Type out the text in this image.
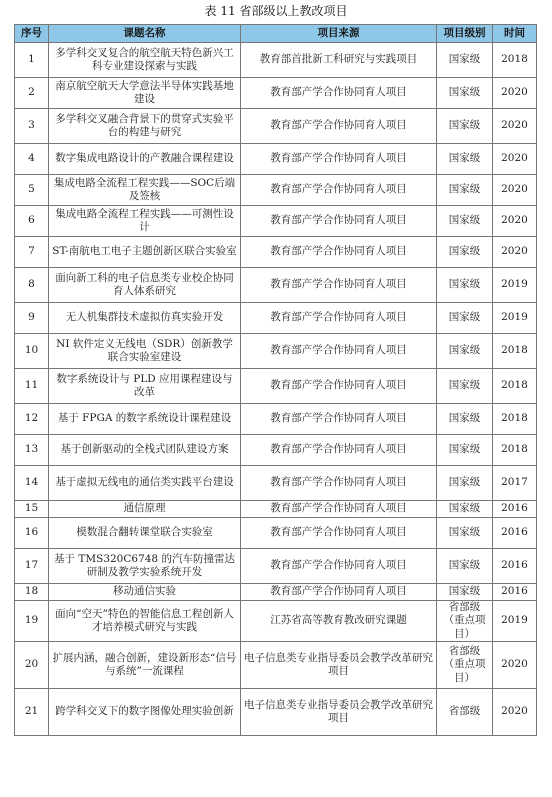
表 11 省部级以上教改项目
序号	课题名称	项目来源	项目级别	时间
1	多学科交叉复合的航空航天特色新兴工科专业建设探索与实践	教育部首批新工科研究与实践项目	国家级	2018
2	南京航空航天大学意法半导体实践基地建设	教育部产学合作协同育人项目	国家级	2020
3	多学科交叉融合背景下的贯穿式实验平台的构建与研究	教育部产学合作协同育人项目	国家级	2020
4	数字集成电路设计的产教融合课程建设	教育部产学合作协同育人项目	国家级	2020
5	集成电路全流程工程实践——SOC后端及签核	教育部产学合作协同育人项目	国家级	2020
6	集成电路全流程工程实践——可测性设计	教育部产学合作协同育人项目	国家级	2020
7	ST-南航电工电子主题创新区联合实验室	教育部产学合作协同育人项目	国家级	2020
8	面向新工科的电子信息类专业校企协同育人体系研究	教育部产学合作协同育人项目	国家级	2019
9	无人机集群技术虚拟仿真实验开发	教育部产学合作协同育人项目	国家级	2019
10	NI 软件定义无线电（SDR）创新教学联合实验室建设	教育部产学合作协同育人项目	国家级	2018
11	数字系统设计与 PLD 应用课程建设与改革	教育部产学合作协同育人项目	国家级	2018
12	基于 FPGA 的数字系统设计课程建设	教育部产学合作协同育人项目	国家级	2018
13	基于创新驱动的全栈式团队建设方案	教育部产学合作协同育人项目	国家级	2018
14	基于虚拟无线电的通信类实践平台建设	教育部产学合作协同育人项目	国家级	2017
15	通信原理	教育部产学合作协同育人项目	国家级	2016
16	模数混合翻转课堂联合实验室	教育部产学合作协同育人项目	国家级	2016
17	基于 TMS320C6748 的汽车防撞雷达研制及教学实验系统开发	教育部产学合作协同育人项目	国家级	2016
18	移动通信实验	教育部产学合作协同育人项目	国家级	2016
19	面向“空天”特色的智能信息工程创新人才培养模式研究与实践	江苏省高等教育教改研究课题	省部级（重点项目）	2019
20	扩展内涵，融合创新，建设新形态“信号与系统”一流课程	电子信息类专业指导委员会教学改革研究项目	省部级（重点项目）	2020
21	跨学科交叉下的数字图像处理实验创新	电子信息类专业指导委员会教学改革研究项目	省部级	2020
